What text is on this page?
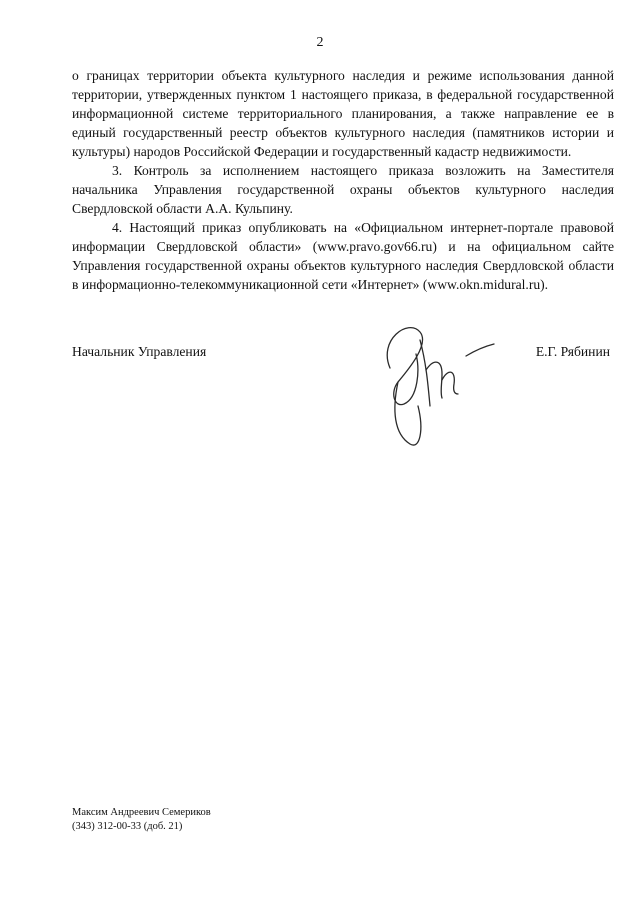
2

о границах территории объекта культурного наследия и режиме использования данной территории, утвержденных пунктом 1 настоящего приказа, в федеральной государственной информационной системе территориального планирования, а также направление ее в единый государственный реестр объектов культурного наследия (памятников истории и культуры) народов Российской Федерации и государственный кадастр недвижимости.

3. Контроль за исполнением настоящего приказа возложить на Заместителя начальника Управления государственной охраны объектов культурного наследия Свердловской области А.А. Кульпину.

4. Настоящий приказ опубликовать на «Официальном интернет-портале правовой информации Свердловской области» (www.pravo.gov66.ru) и на официальном сайте Управления государственной охраны объектов культурного наследия Свердловской области в информационно-телекоммуникационной сети «Интернет» (www.okn.midural.ru).

Начальник Управления	Е.Г. Рябинин
Максим Андреевич Семериков
(343) 312-00-33 (доб. 21)
